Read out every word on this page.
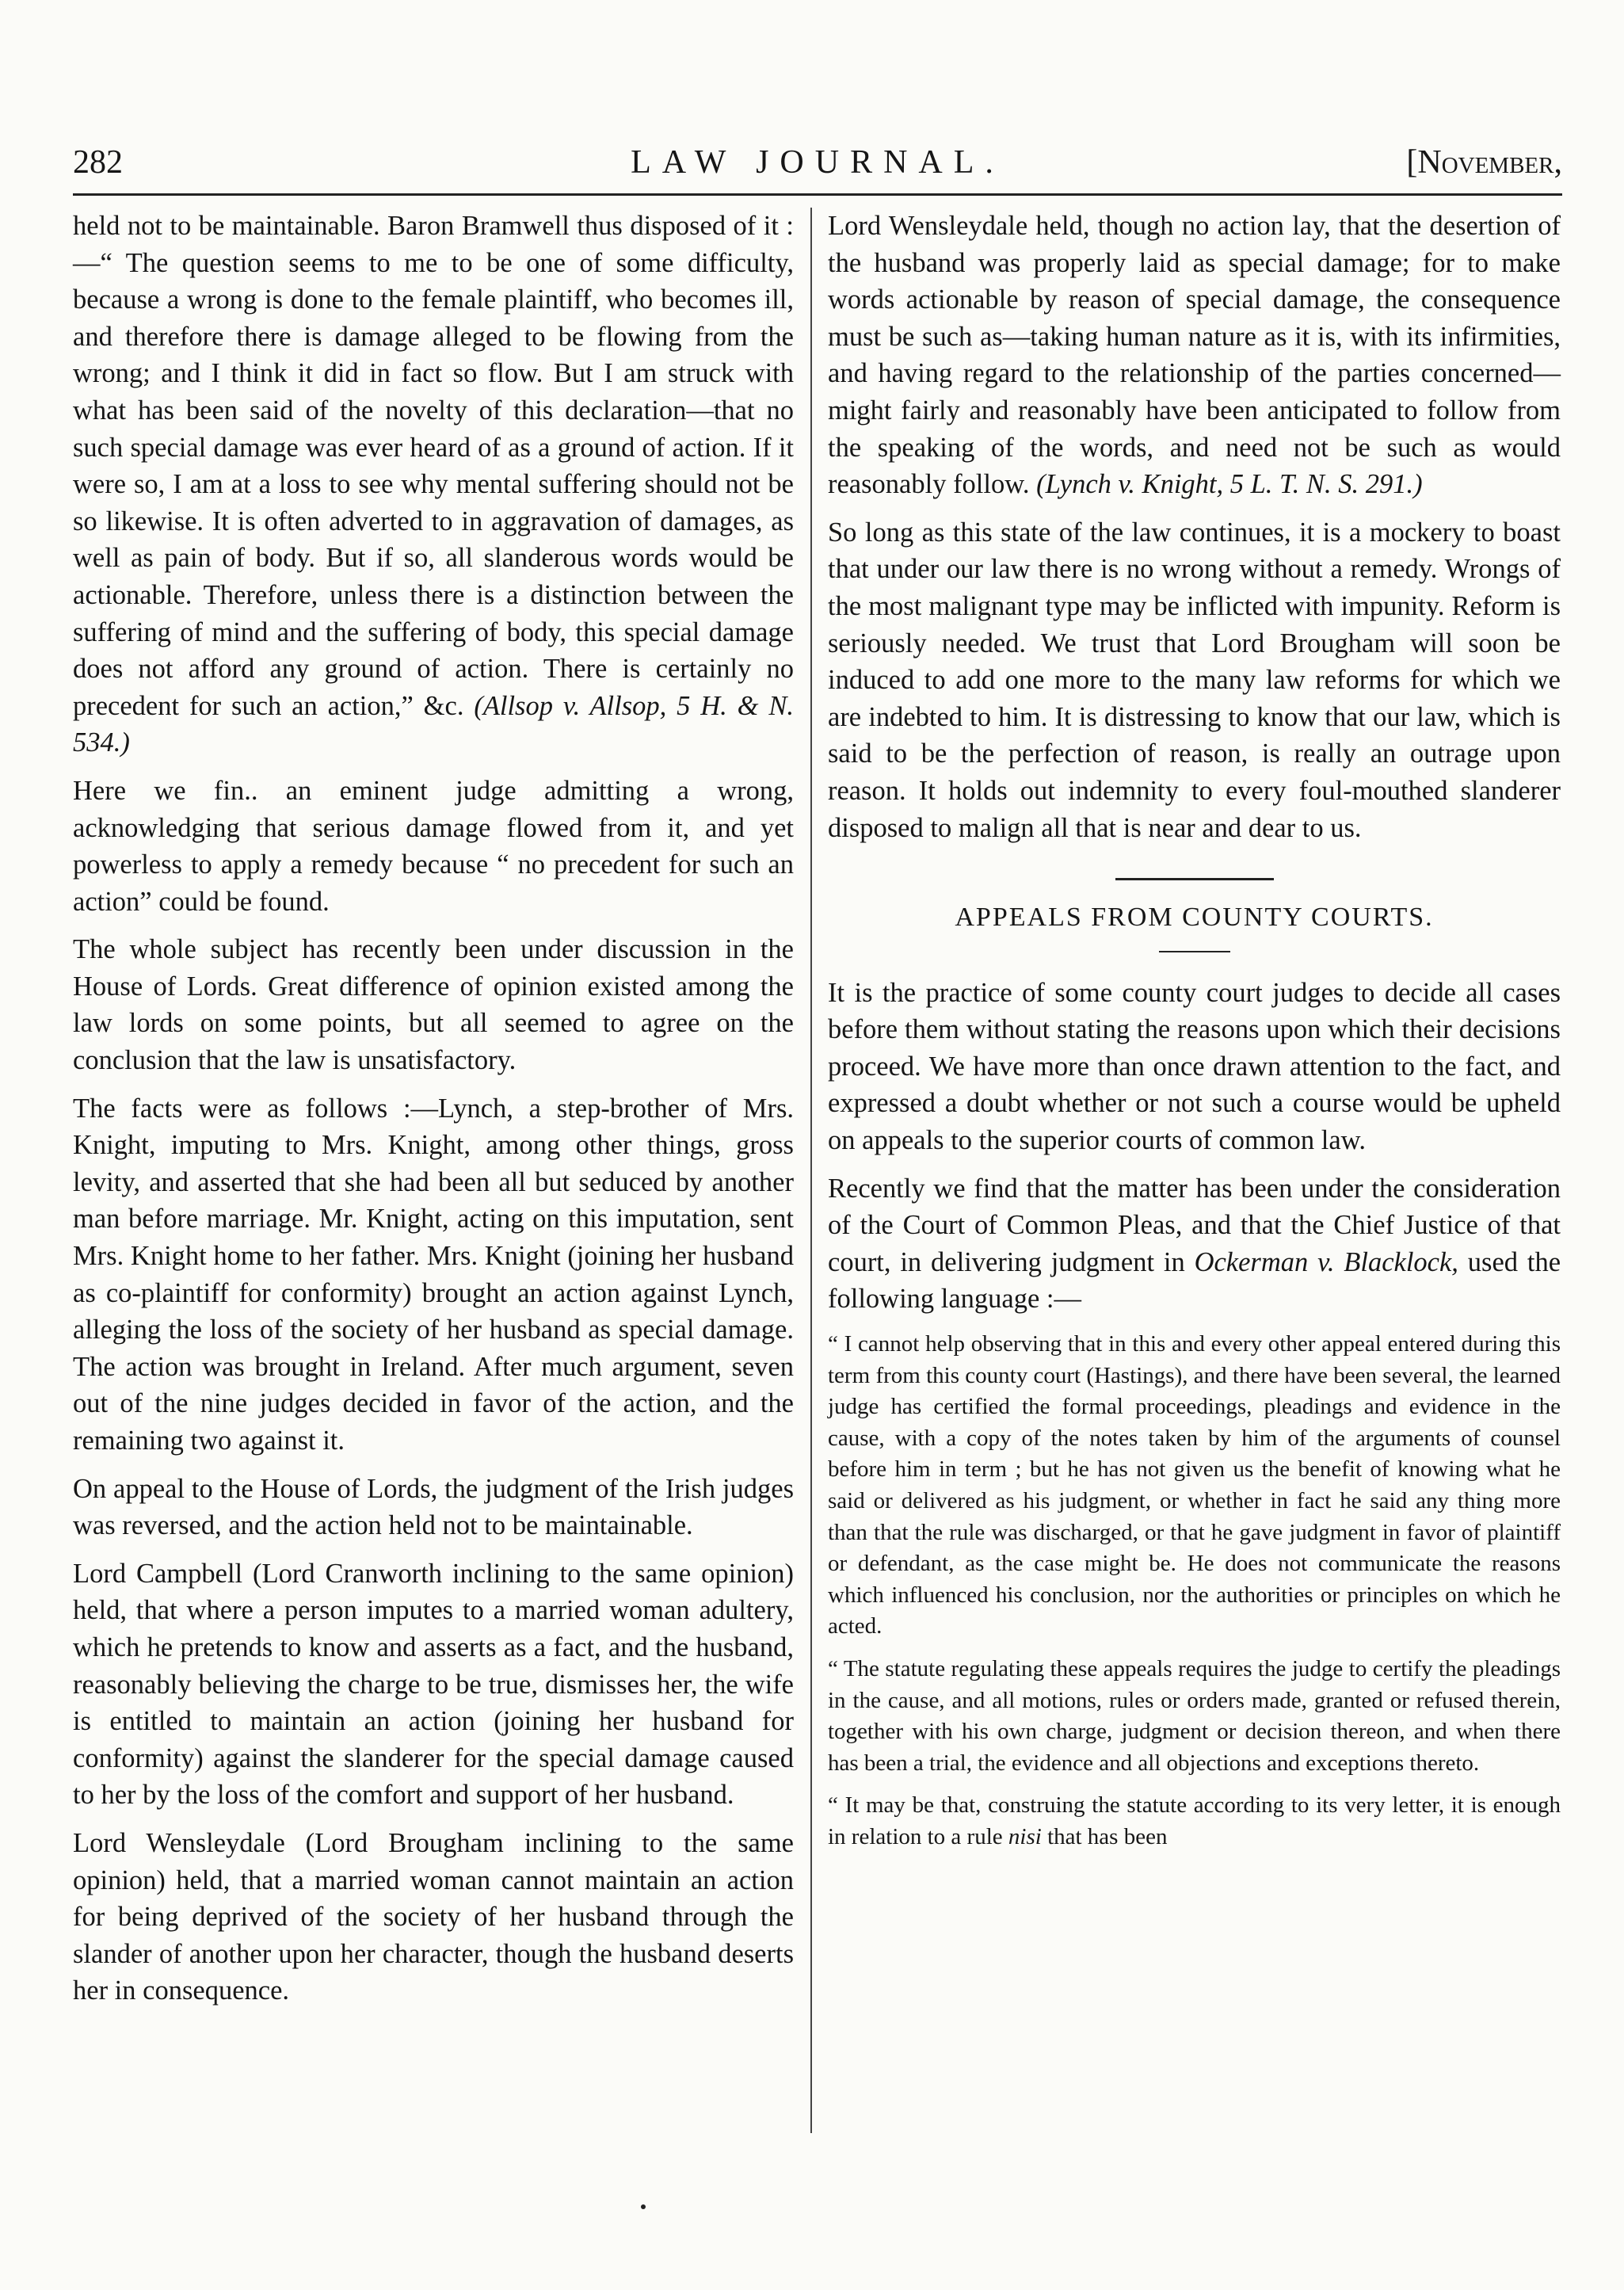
282	LAW JOURNAL.	[November,

held not to be maintainable. Baron Bramwell thus disposed of it :—“ The question seems to me to be one of some difficulty, because a wrong is done to the female plaintiff, who becomes ill, and therefore there is damage alleged to be flowing from the wrong; and I think it did in fact so flow. But I am struck with what has been said of the novelty of this declaration—that no such special damage was ever heard of as a ground of action. If it were so, I am at a loss to see why mental suffering should not be so likewise. It is often adverted to in aggravation of damages, as well as pain of body. But if so, all slanderous words would be actionable. Therefore, unless there is a distinction between the suffering of mind and the suffering of body, this special damage does not afford any ground of action. There is certainly no precedent for such an action,” &c. (Allsop v. Allsop, 5 H. & N. 534.)

Here we fin.. an eminent judge admitting a wrong, acknowledging that serious damage flowed from it, and yet powerless to apply a remedy because “ no precedent for such an action” could be found.

The whole subject has recently been under discussion in the House of Lords. Great difference of opinion existed among the law lords on some points, but all seemed to agree on the conclusion that the law is unsatisfactory.

The facts were as follows :—Lynch, a step-brother of Mrs. Knight, imputing to Mrs. Knight, among other things, gross levity, and asserted that she had been all but seduced by another man before marriage. Mr. Knight, acting on this imputation, sent Mrs. Knight home to her father. Mrs. Knight (joining her husband as co-plaintiff for conformity) brought an action against Lynch, alleging the loss of the society of her husband as special damage. The action was brought in Ireland. After much argument, seven out of the nine judges decided in favor of the action, and the remaining two against it.

On appeal to the House of Lords, the judgment of the Irish judges was reversed, and the action held not to be maintainable.

Lord Campbell (Lord Cranworth inclining to the same opinion) held, that where a person imputes to a married woman adultery, which he pretends to know and asserts as a fact, and the husband, reasonably believing the charge to be true, dismisses her, the wife is entitled to maintain an action (joining her husband for conformity) against the slanderer for the special damage caused to her by the loss of the comfort and support of her husband.

Lord Wensleydale (Lord Brougham inclining to the same opinion) held, that a married woman cannot maintain an action for being deprived of the society of her husband through the slander of another upon her character, though the husband deserts her in consequence.

Lord Wensleydale held, though no action lay, that the desertion of the husband was properly laid as special damage; for to make words actionable by reason of special damage, the consequence must be such as—taking human nature as it is, with its infirmities, and having regard to the relationship of the parties concerned—might fairly and reasonably have been anticipated to follow from the speaking of the words, and need not be such as would reasonably follow. (Lynch v. Knight, 5 L. T. N. S. 291.)

So long as this state of the law continues, it is a mockery to boast that under our law there is no wrong without a remedy. Wrongs of the most malignant type may be inflicted with impunity. Reform is seriously needed. We trust that Lord Brougham will soon be induced to add one more to the many law reforms for which we are indebted to him. It is distressing to know that our law, which is said to be the perfection of reason, is really an outrage upon reason. It holds out indemnity to every foul-mouthed slanderer disposed to malign all that is near and dear to us.

APPEALS FROM COUNTY COURTS.

It is the practice of some county court judges to decide all cases before them without stating the reasons upon which their decisions proceed. We have more than once drawn attention to the fact, and expressed a doubt whether or not such a course would be upheld on appeals to the superior courts of common law.

Recently we find that the matter has been under the consideration of the Court of Common Pleas, and that the Chief Justice of that court, in delivering judgment in Ockerman v. Blacklock, used the following language :—

“ I cannot help observing that in this and every other appeal entered during this term from this county court (Hastings), and there have been several, the learned judge has certified the formal proceedings, pleadings and evidence in the cause, with a copy of the notes taken by him of the arguments of counsel before him in term ; but he has not given us the benefit of knowing what he said or delivered as his judgment, or whether in fact he said any thing more than that the rule was discharged, or that he gave judgment in favor of plaintiff or defendant, as the case might be. He does not communicate the reasons which influenced his conclusion, nor the authorities or principles on which he acted.

“ The statute regulating these appeals requires the judge to certify the pleadings in the cause, and all motions, rules or orders made, granted or refused therein, together with his own charge, judgment or decision thereon, and when there has been a trial, the evidence and all objections and exceptions thereto.

“ It may be that, construing the statute according to its very letter, it is enough in relation to a rule nisi that has been
